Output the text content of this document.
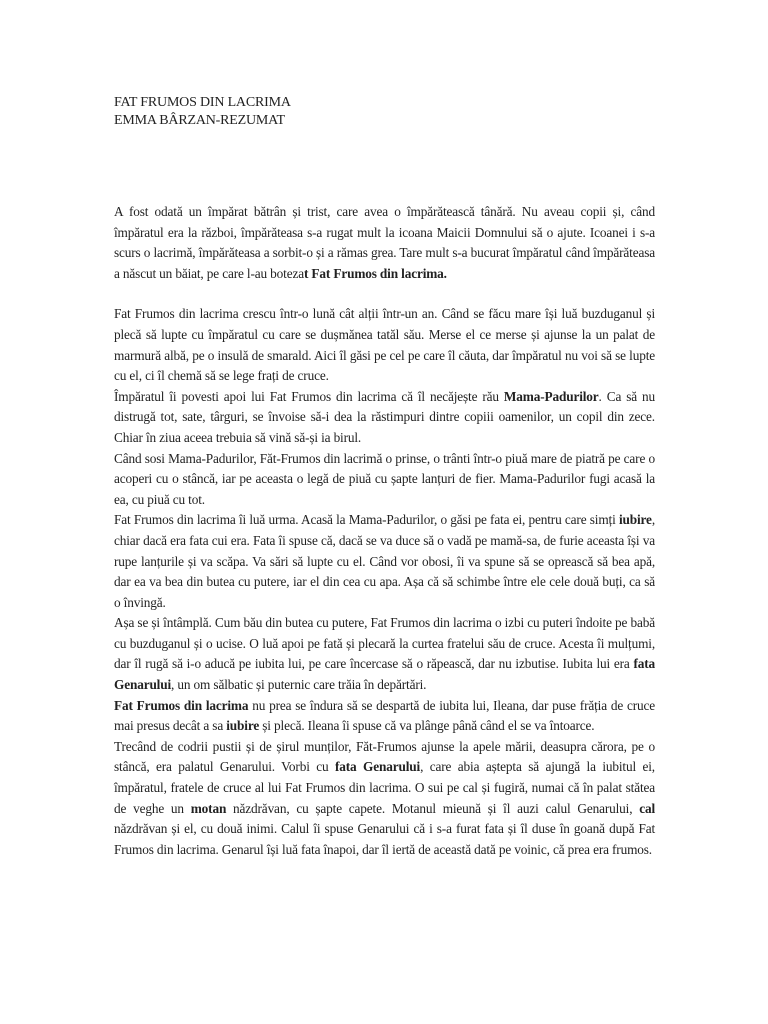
FAT FRUMOS DIN LACRIMA
EMMA BÂRZAN-REZUMAT

A fost odată un împărat bătrân și trist, care avea o împărătească tânără. Nu aveau copii și, când împăratul era la război, împărăteasa s-a rugat mult la icoana Maicii Domnului să o ajute. Icoanei i s-a scurs o lacrimă, împărăteasa a sorbit-o și a rămas grea. Tare mult s-a bucurat împăratul când împărăteasa a născut un băiat, pe care l-au botezat Fat Frumos din lacrima.

Fat Frumos din lacrima crescu într-o lună cât alții într-un an. Când se făcu mare își luă buzduganul și plecă să lupte cu împăratul cu care se dușmănea tatăl său. Merse el ce merse și ajunse la un palat de marmură albă, pe o insulă de smarald. Aici îl găsi pe cel pe care îl căuta, dar împăratul nu voi să se lupte cu el, ci îl chemă să se lege frați de cruce.

Împăratul îi povesti apoi lui Fat Frumos din lacrima că îl necăjește rău Mama-Padurilor. Ca să nu distrugă tot, sate, târguri, se învoise să-i dea la răstimpuri dintre copiii oamenilor, un copil din zece. Chiar în ziua aceea trebuia să vină să-și ia birul.

Când sosi Mama-Padurilor, Făt-Frumos din lacrimă o prinse, o trânti într-o piuă mare de piatră pe care o acoperi cu o stâncă, iar pe aceasta o legă de piuă cu șapte lanțuri de fier. Mama-Padurilor fugi acasă la ea, cu piuă cu tot.

Fat Frumos din lacrima îi luă urma. Acasă la Mama-Padurilor, o găsi pe fata ei, pentru care simți iubire, chiar dacă era fata cui era. Fata îi spuse că, dacă se va duce să o vadă pe mamă-sa, de furie aceasta își va rupe lanțurile și va scăpa. Va sări să lupte cu el. Când vor obosi, îi va spune să se oprească să bea apă, dar ea va bea din butea cu putere, iar el din cea cu apa. Așa că să schimbe între ele cele două buți, ca să o învingă.

Așa se și întâmplă. Cum bău din butea cu putere, Fat Frumos din lacrima o izbi cu puteri îndoite pe babă cu buzduganul și o ucise. O luă apoi pe fată și plecară la curtea fratelui său de cruce. Acesta îi mulțumi, dar îl rugă să i-o aducă pe iubita lui, pe care încercase să o răpească, dar nu izbutise. Iubita lui era fata Genarului, un om sălbatic și puternic care trăia în depărtări.

Fat Frumos din lacrima nu prea se îndura să se despartă de iubita lui, Ileana, dar puse frăția de cruce mai presus decât a sa iubire și plecă. Ileana îi spuse că va plânge până când el se va întoarce.

Trecând de codrii pustii și de șirul munților, Făt-Frumos ajunse la apele mării, deasupra cărora, pe o stâncă, era palatul Genarului. Vorbi cu fata Genarului, care abia aștepta să ajungă la iubitul ei, împăratul, fratele de cruce al lui Fat Frumos din lacrima. O sui pe cal și fugiră, numai că în palat stătea de veghe un motan năzdrăvan, cu șapte capete. Motanul mieună și îl auzi calul Genarului, cal năzdrăvan și el, cu două inimi. Calul îi spuse Genarului că i s-a furat fata și îl duse în goană după Fat Frumos din lacrima. Genarul își luă fata înapoi, dar îl iertă de această dată pe voinic, că prea era frumos.
